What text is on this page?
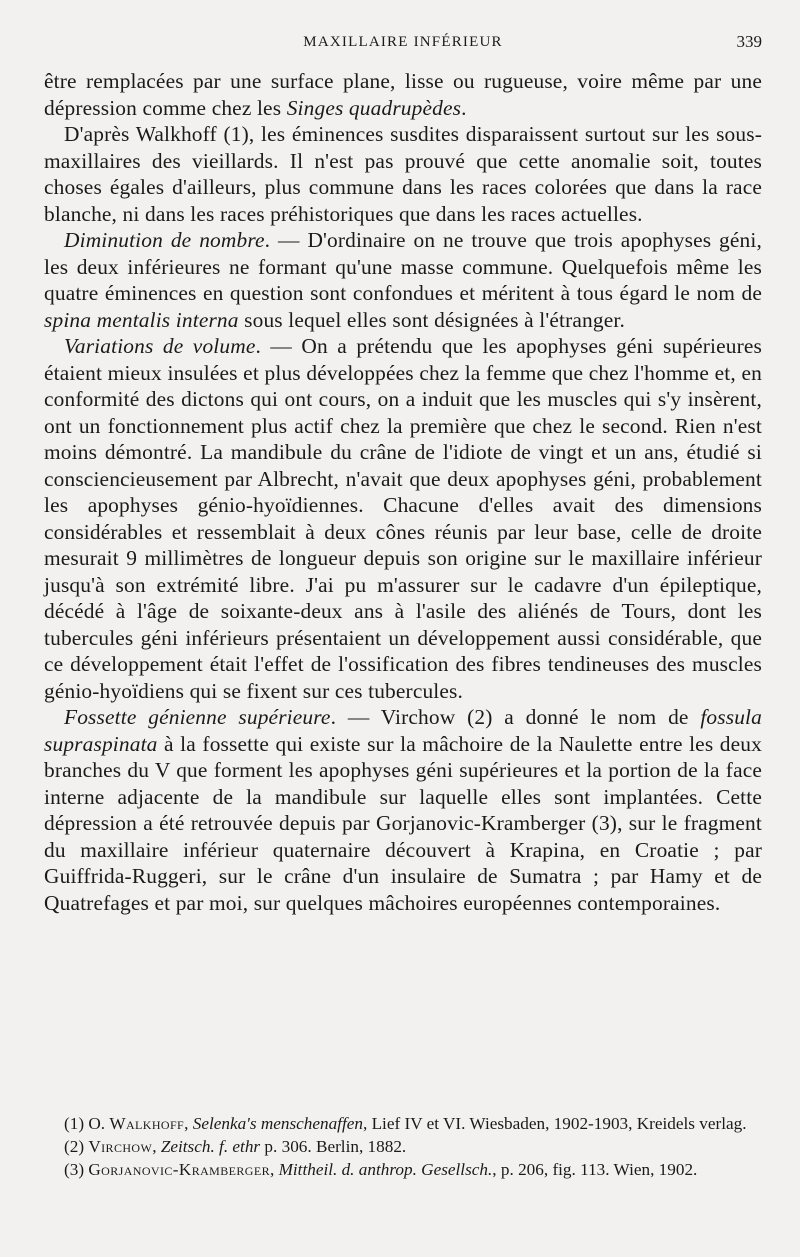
MAXILLAIRE INFÉRIEUR	339

être remplacées par une surface plane, lisse ou rugueuse, voire même par une dépression comme chez les Singes quadrupèdes.

D'après Walkhoff (1), les éminences susdites disparaissent surtout sur les sous-maxillaires des vieillards. Il n'est pas prouvé que cette anomalie soit, toutes choses égales d'ailleurs, plus commune dans les races colorées que dans la race blanche, ni dans les races préhistoriques que dans les races actuelles.

Diminution de nombre. — D'ordinaire on ne trouve que trois apophyses géni, les deux inférieures ne formant qu'une masse commune. Quelquefois même les quatre éminences en question sont confondues et méritent à tous égard le nom de spina mentalis interna sous lequel elles sont désignées à l'étranger.

Variations de volume. — On a prétendu que les apophyses géni supérieures étaient mieux insulées et plus développées chez la femme que chez l'homme et, en conformité des dictons qui ont cours, on a induit que les muscles qui s'y insèrent, ont un fonctionnement plus actif chez la première que chez le second. Rien n'est moins démontré. La mandibule du crâne de l'idiote de vingt et un ans, étudié si consciencieusement par Albrecht, n'avait que deux apophyses géni, probablement les apophyses génio-hyoïdiennes. Chacune d'elles avait des dimensions considérables et ressemblait à deux cônes réunis par leur base, celle de droite mesurait 9 millimètres de longueur depuis son origine sur le maxillaire inférieur jusqu'à son extrémité libre. J'ai pu m'assurer sur le cadavre d'un épileptique, décédé à l'âge de soixante-deux ans à l'asile des aliénés de Tours, dont les tubercules géni inférieurs présentaient un développement aussi considérable, que ce développement était l'effet de l'ossification des fibres tendineuses des muscles génio-hyoïdiens qui se fixent sur ces tubercules.

Fossette génienne supérieure. — Virchow (2) a donné le nom de fossula supraspinata à la fossette qui existe sur la mâchoire de la Naulette entre les deux branches du V que forment les apophyses géni supérieures et la portion de la face interne adjacente de la mandibule sur laquelle elles sont implantées. Cette dépression a été retrouvée depuis par Gorjanovic-Kramberger (3), sur le fragment du maxillaire inférieur quaternaire découvert à Krapina, en Croatie ; par Guiffrida-Ruggeri, sur le crâne d'un insulaire de Sumatra ; par Hamy et de Quatrefages et par moi, sur quelques mâchoires européennes contemporaines.

(1) O. Walkhoff, Selenka's menschenaffen, Lief IV et VI. Wiesbaden, 1902-1903, Kreidels verlag.

(2) Virchow, Zeitsch. f. ethr p. 306. Berlin, 1882.

(3) Gorjanovic-Kramberger, Mittheil. d. anthrop. Gesellsch., p. 206, fig. 113. Wien, 1902.
